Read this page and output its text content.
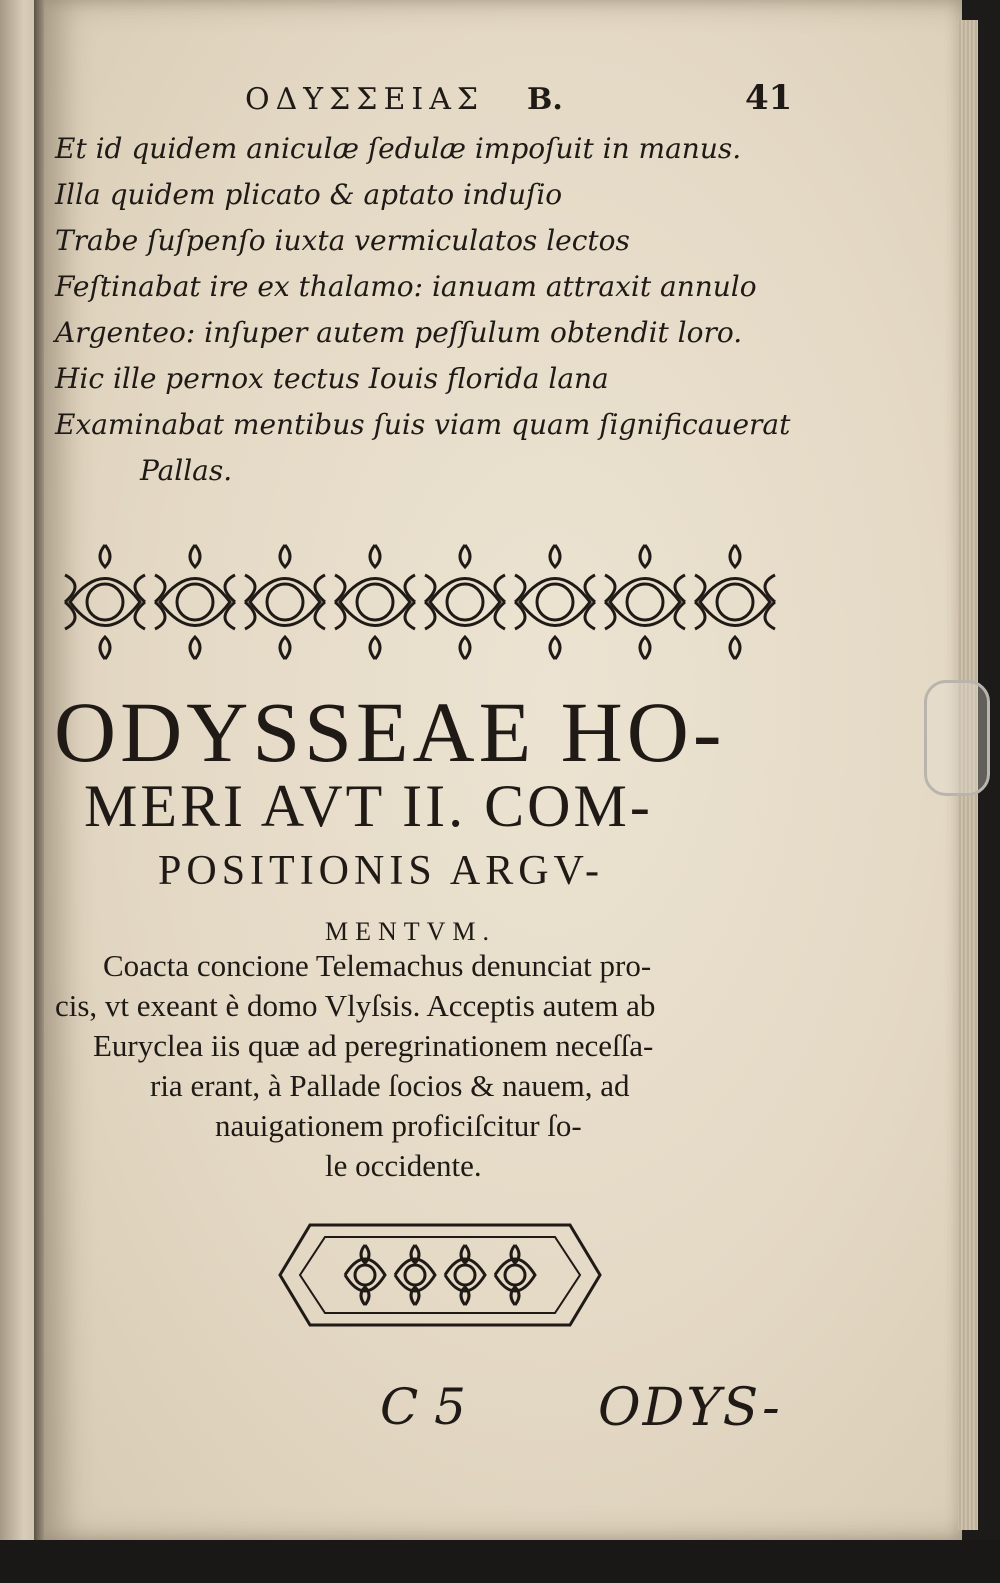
ΟΔΥΣΣΕΙΑΣ Β.	41
Et id quidem aniculæ ſedulæ impoſuit in manus.
Illa quidem plicato & aptato induſio
Trabe ſuſpenſo iuxta vermiculatos lectos
Feſtinabat ire ex thalamo: ianuam attraxit annulo
Argenteo: inſuper autem peſſulum obtendit loro.
Hic ille pernox tectus Iouis florida lana
Examinabat mentibus ſuis viam quam ſignificauerat
Pallas.
ODYSSEAE HO-
MERI AVT II. COM-
POSITIONIS ARGV-
MENTVM.
Coacta concione Telemachus denunciat pro-
cis, vt exeant è domo Vlyſsis. Acceptis autem ab
Euryclea iis quæ ad peregrinationem neceſſa-
ria erant, à Pallade ſocios & nauem, ad
nauigationem proficiſcitur ſo-
le occidente.
C 5	ODYS-
